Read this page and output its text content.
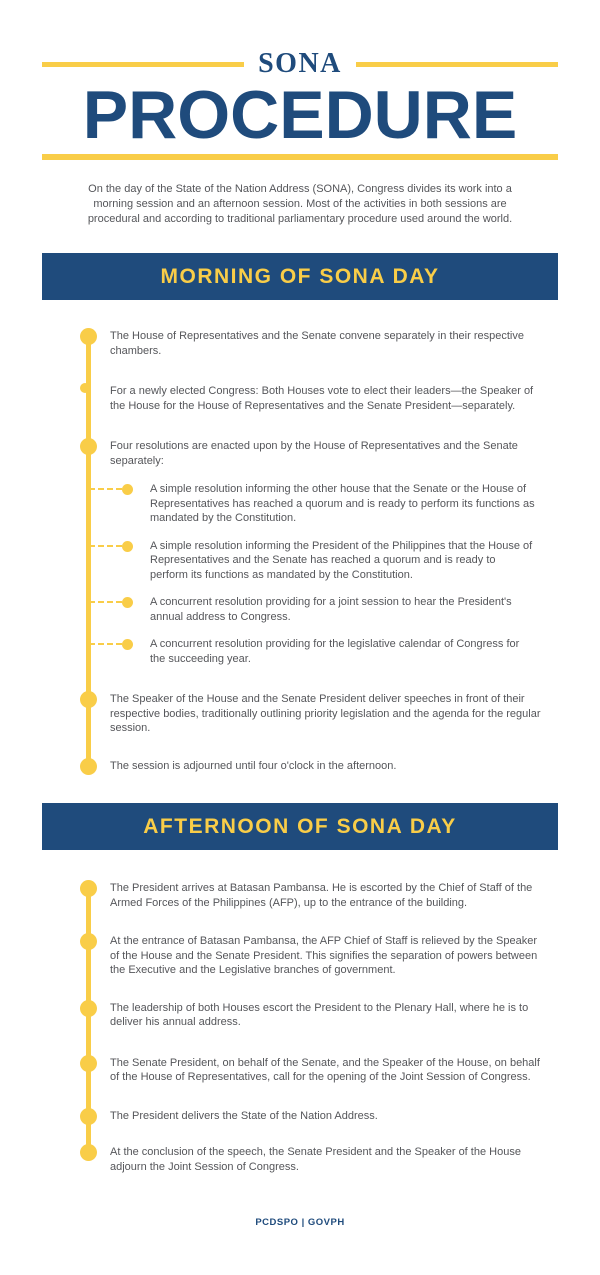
SONA
PROCEDURE

On the day of the State of the Nation Address (SONA), Congress divides its work into a morning session and an afternoon session. Most of the activities in both sessions are procedural and according to traditional parliamentary procedure used around the world.

MORNING OF SONA DAY

The House of Representatives and the Senate convene separately in their respective chambers.

For a newly elected Congress: Both Houses vote to elect their leaders—the Speaker of the House for the House of Representatives and the Senate President—separately.

Four resolutions are enacted upon by the House of Representatives and the Senate separately:

A simple resolution informing the other house that the Senate or the House of Representatives has reached a quorum and is ready to perform its functions as mandated by the Constitution.

A simple resolution informing the President of the Philippines that the House of Representatives and the Senate has reached a quorum and is ready to perform its functions as mandated by the Constitution.

A concurrent resolution providing for a joint session to hear the President's annual address to Congress.

A concurrent resolution providing for the legislative calendar of Congress for the succeeding year.

The Speaker of the House and the Senate President deliver speeches in front of their respective bodies, traditionally outlining priority legislation and the agenda for the regular session.

The session is adjourned until four o'clock in the afternoon.

AFTERNOON OF SONA DAY

The President arrives at Batasan Pambansa. He is escorted by the Chief of Staff of the Armed Forces of the Philippines (AFP), up to the entrance of the building.

At the entrance of Batasan Pambansa, the AFP Chief of Staff is relieved by the Speaker of the House and the Senate President. This signifies the separation of powers between the Executive and the Legislative branches of government.

The leadership of both Houses escort the President to the Plenary Hall, where he is to deliver his annual address.

The Senate President, on behalf of the Senate, and the Speaker of the House, on behalf of the House of Representatives, call for the opening of the Joint Session of Congress.

The President delivers the State of the Nation Address.

At the conclusion of the speech, the Senate President and the Speaker of the House adjourn the Joint Session of Congress.

PCDSPO | GOVPH
